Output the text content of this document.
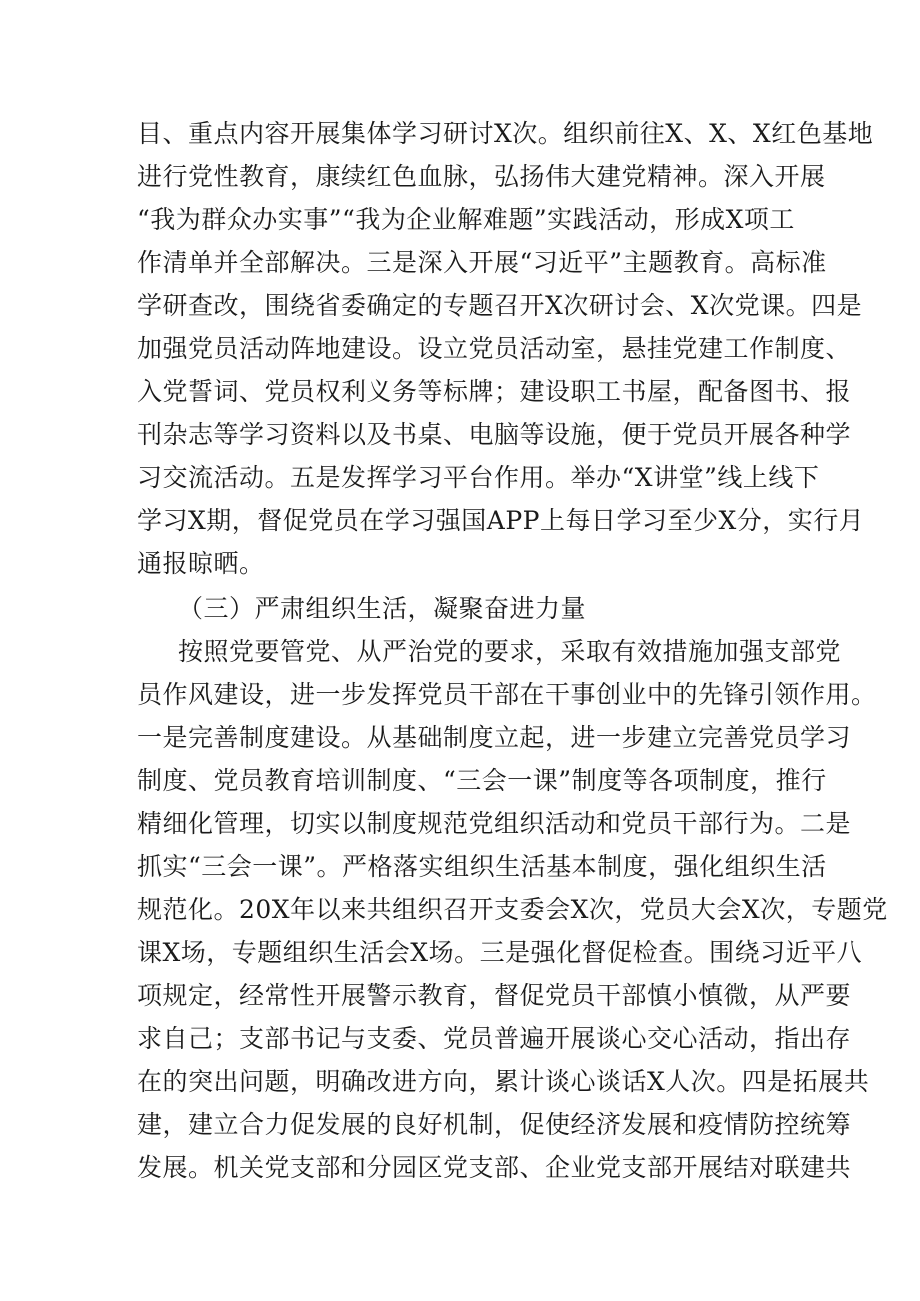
目、重点内容开展集体学习研讨X次。组织前往X、X、X红色基地
进行党性教育，康续红色血脉，弘扬伟大建党精神。深入开展
“我为群众办实事”“我为企业解难题”实践活动，形成X项工
作清单并全部解决。三是深入开展“习近平”主题教育。高标准
学研查改，围绕省委确定的专题召开X次研讨会、X次党课。四是
加强党员活动阵地建设。设立党员活动室，悬挂党建工作制度、
入党誓词、党员权利义务等标牌；建设职工书屋，配备图书、报
刊杂志等学习资料以及书桌、电脑等设施，便于党员开展各种学
习交流活动。五是发挥学习平台作用。举办“X讲堂”线上线下
学习X期，督促党员在学习强国APP上每日学习至少X分，实行月
通报晾晒。
（三）严肃组织生活，凝聚奋进力量
按照党要管党、从严治党的要求，采取有效措施加强支部党
员作风建设，进一步发挥党员干部在干事创业中的先锋引领作用。
一是完善制度建设。从基础制度立起，进一步建立完善党员学习
制度、党员教育培训制度、“三会一课”制度等各项制度，推行
精细化管理，切实以制度规范党组织活动和党员干部行为。二是
抓实“三会一课”。严格落实组织生活基本制度，强化组织生活
规范化。20X年以来共组织召开支委会X次，党员大会X次，专题党
课X场，专题组织生活会X场。三是强化督促检查。围绕习近平八
项规定，经常性开展警示教育，督促党员干部慎小慎微，从严要
求自己；支部书记与支委、党员普遍开展谈心交心活动，指出存
在的突出问题，明确改进方向，累计谈心谈话X人次。四是拓展共
建，建立合力促发展的良好机制，促使经济发展和疫情防控统筹
发展。机关党支部和分园区党支部、企业党支部开展结对联建共
